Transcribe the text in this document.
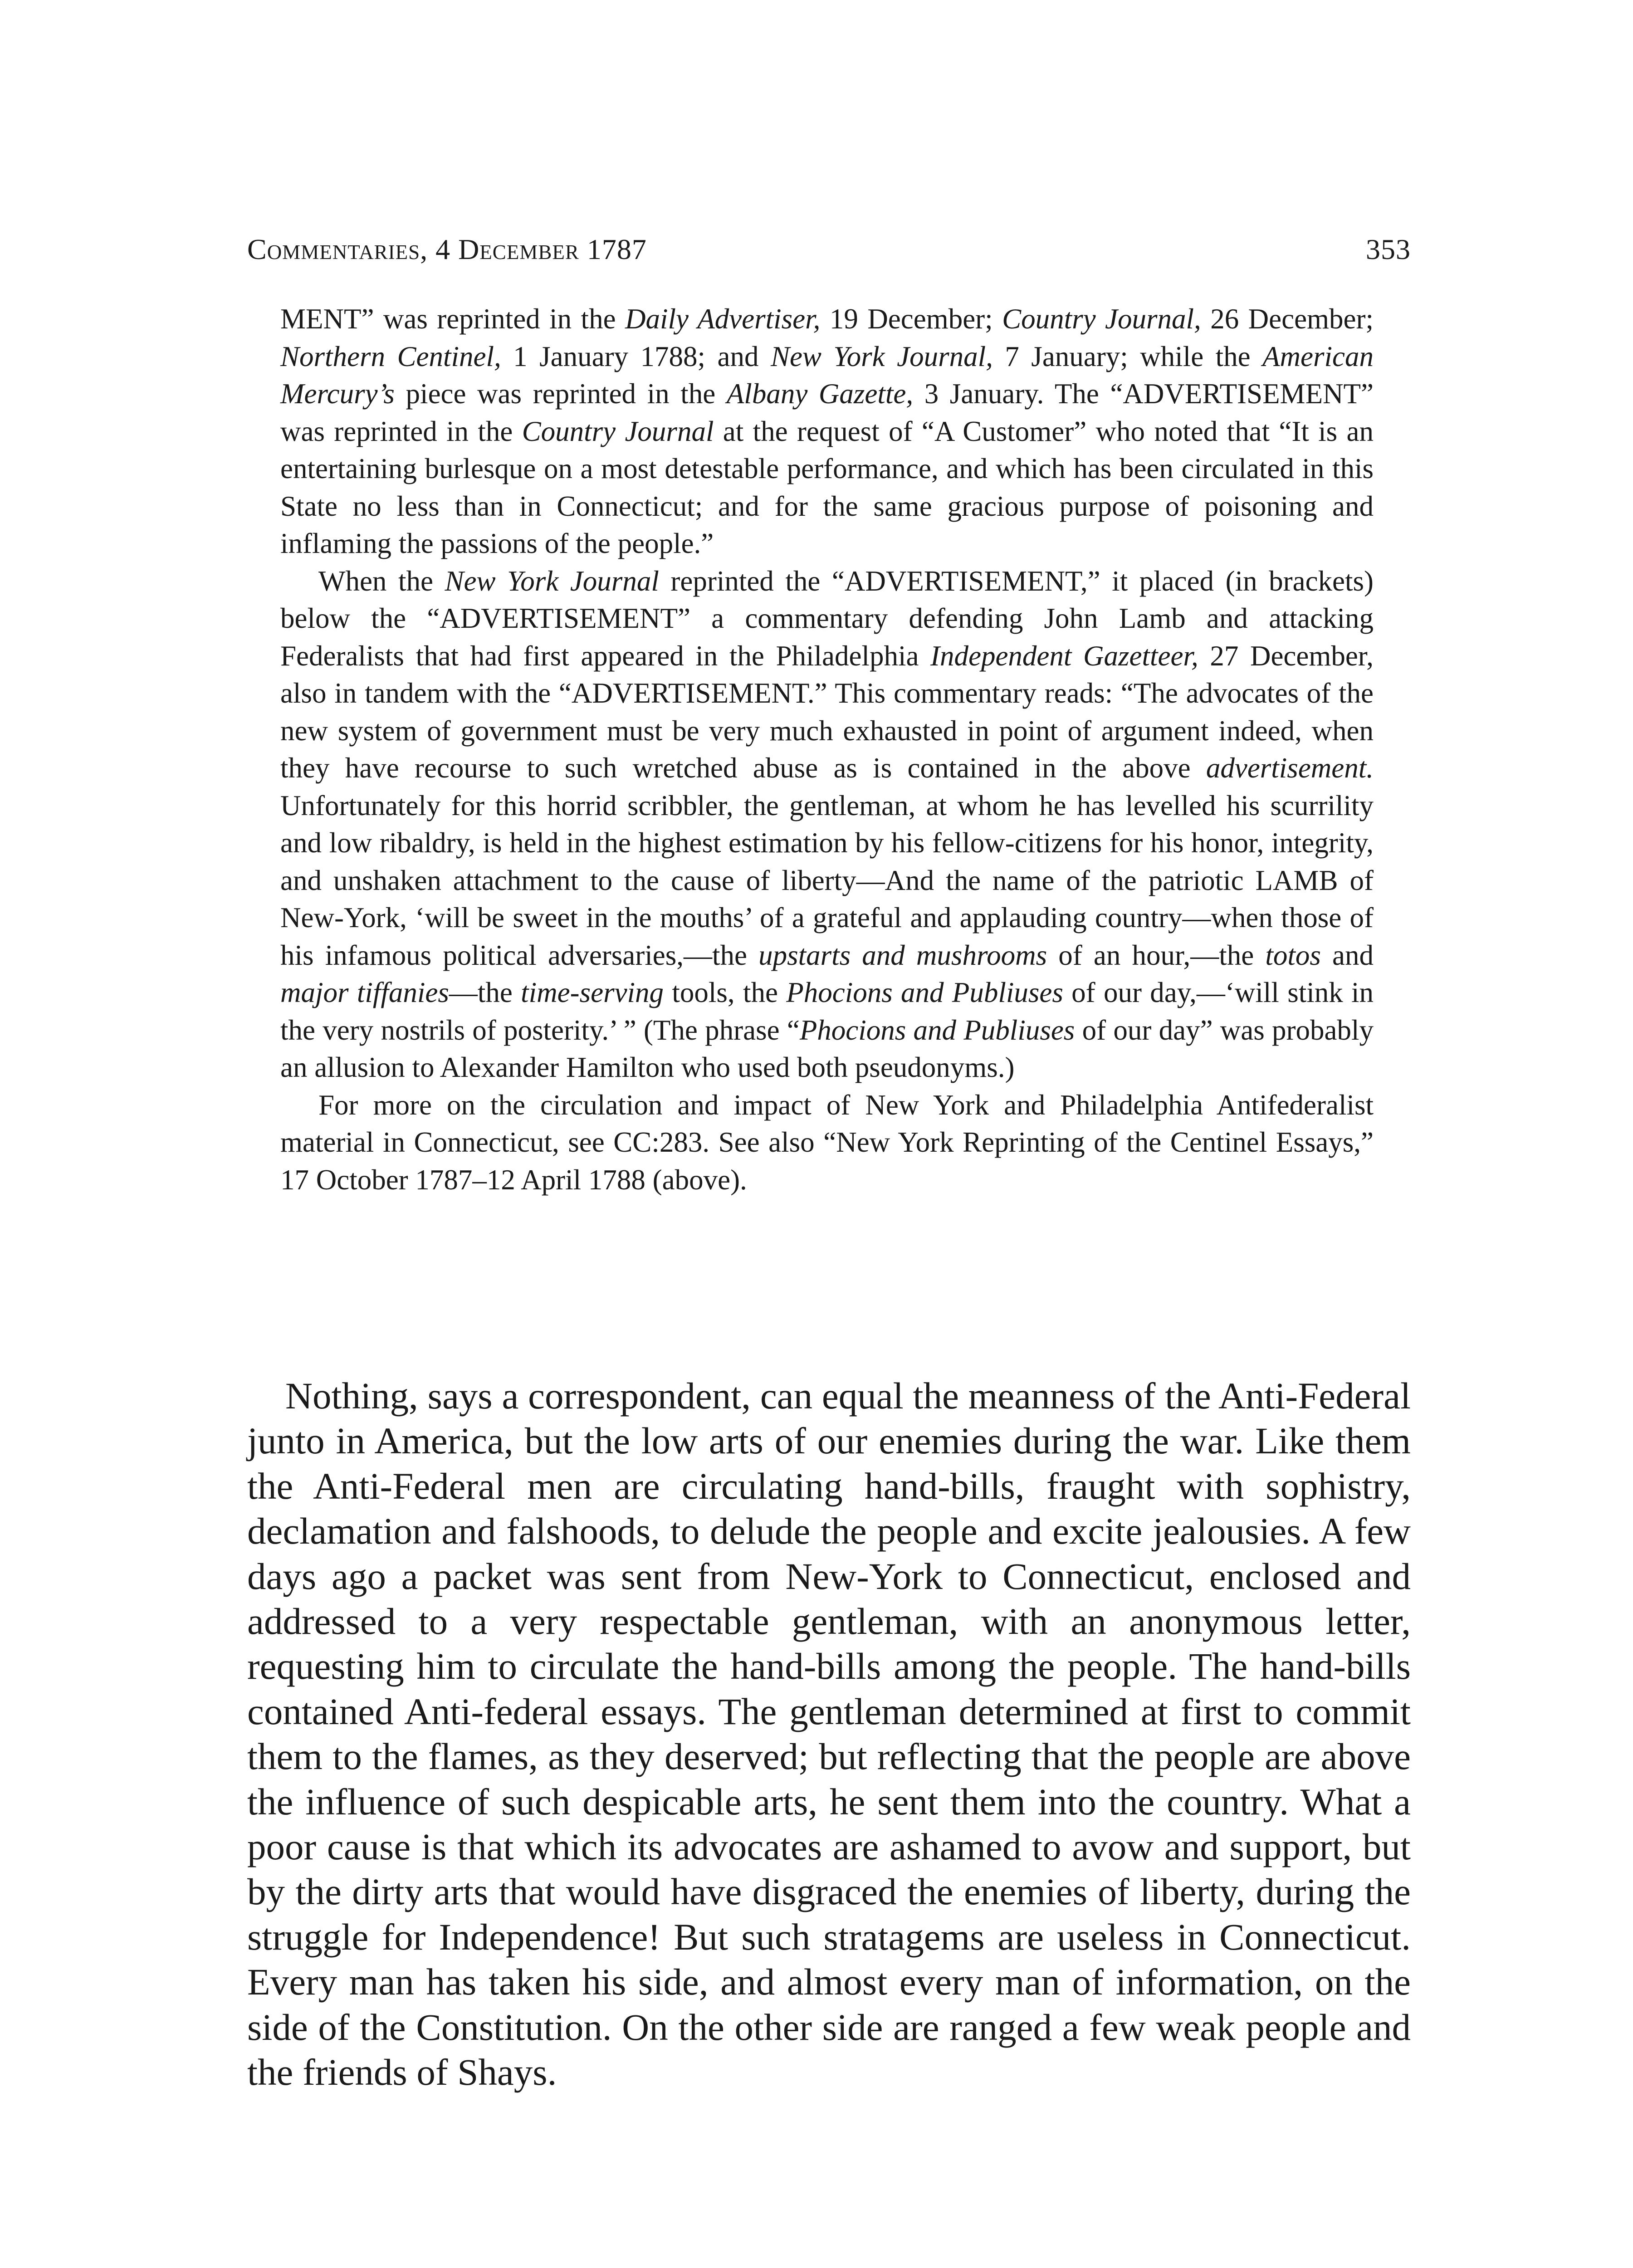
Commentaries, 4 December 1787	353

MENT” was reprinted in the Daily Advertiser, 19 December; Country Journal, 26 December; Northern Centinel, 1 January 1788; and New York Journal, 7 January; while the American Mercury’s piece was reprinted in the Albany Gazette, 3 January. The “ADVERTISEMENT” was reprinted in the Country Journal at the request of “A Customer” who noted that “It is an entertaining burlesque on a most detestable performance, and which has been circulated in this State no less than in Connecticut; and for the same gracious purpose of poisoning and inflaming the passions of the people.”

When the New York Journal reprinted the “ADVERTISEMENT,” it placed (in brackets) below the “ADVERTISEMENT” a commentary defending John Lamb and attacking Federalists that had first appeared in the Philadelphia Independent Gazetteer, 27 December, also in tandem with the “ADVERTISEMENT.” This commentary reads: “The advocates of the new system of government must be very much exhausted in point of argument indeed, when they have recourse to such wretched abuse as is contained in the above advertisement. Unfortunately for this horrid scribbler, the gentleman, at whom he has levelled his scurrility and low ribaldry, is held in the highest estimation by his fellow-citizens for his honor, integrity, and unshaken attachment to the cause of liberty—And the name of the patriotic LAMB of New-York, ‘will be sweet in the mouths’ of a grateful and applauding country—when those of his infamous political adversaries,—the upstarts and mushrooms of an hour,—the totos and major tiffanies—the time-serving tools, the Phocions and Publiuses of our day,—‘will stink in the very nostrils of posterity.’ ” (The phrase “Phocions and Publiuses of our day” was probably an allusion to Alexander Hamilton who used both pseudonyms.)

For more on the circulation and impact of New York and Philadelphia Antifederalist material in Connecticut, see CC:283. See also “New York Reprinting of the Centinel Essays,” 17 October 1787–12 April 1788 (above).

Nothing, says a correspondent, can equal the meanness of the Anti-Federal junto in America, but the low arts of our enemies during the war. Like them the Anti-Federal men are circulating hand-bills, fraught with sophistry, declamation and falshoods, to delude the people and excite jealousies. A few days ago a packet was sent from New-York to Connecticut, enclosed and addressed to a very respectable gentleman, with an anonymous letter, requesting him to circulate the hand-bills among the people. The hand-bills contained Anti-federal essays. The gentleman determined at first to commit them to the flames, as they deserved; but reflecting that the people are above the influence of such despicable arts, he sent them into the country. What a poor cause is that which its advocates are ashamed to avow and support, but by the dirty arts that would have disgraced the enemies of liberty, during the struggle for Independence! But such stratagems are useless in Connecticut. Every man has taken his side, and almost every man of information, on the side of the Constitution. On the other side are ranged a few weak people and the friends of Shays.
